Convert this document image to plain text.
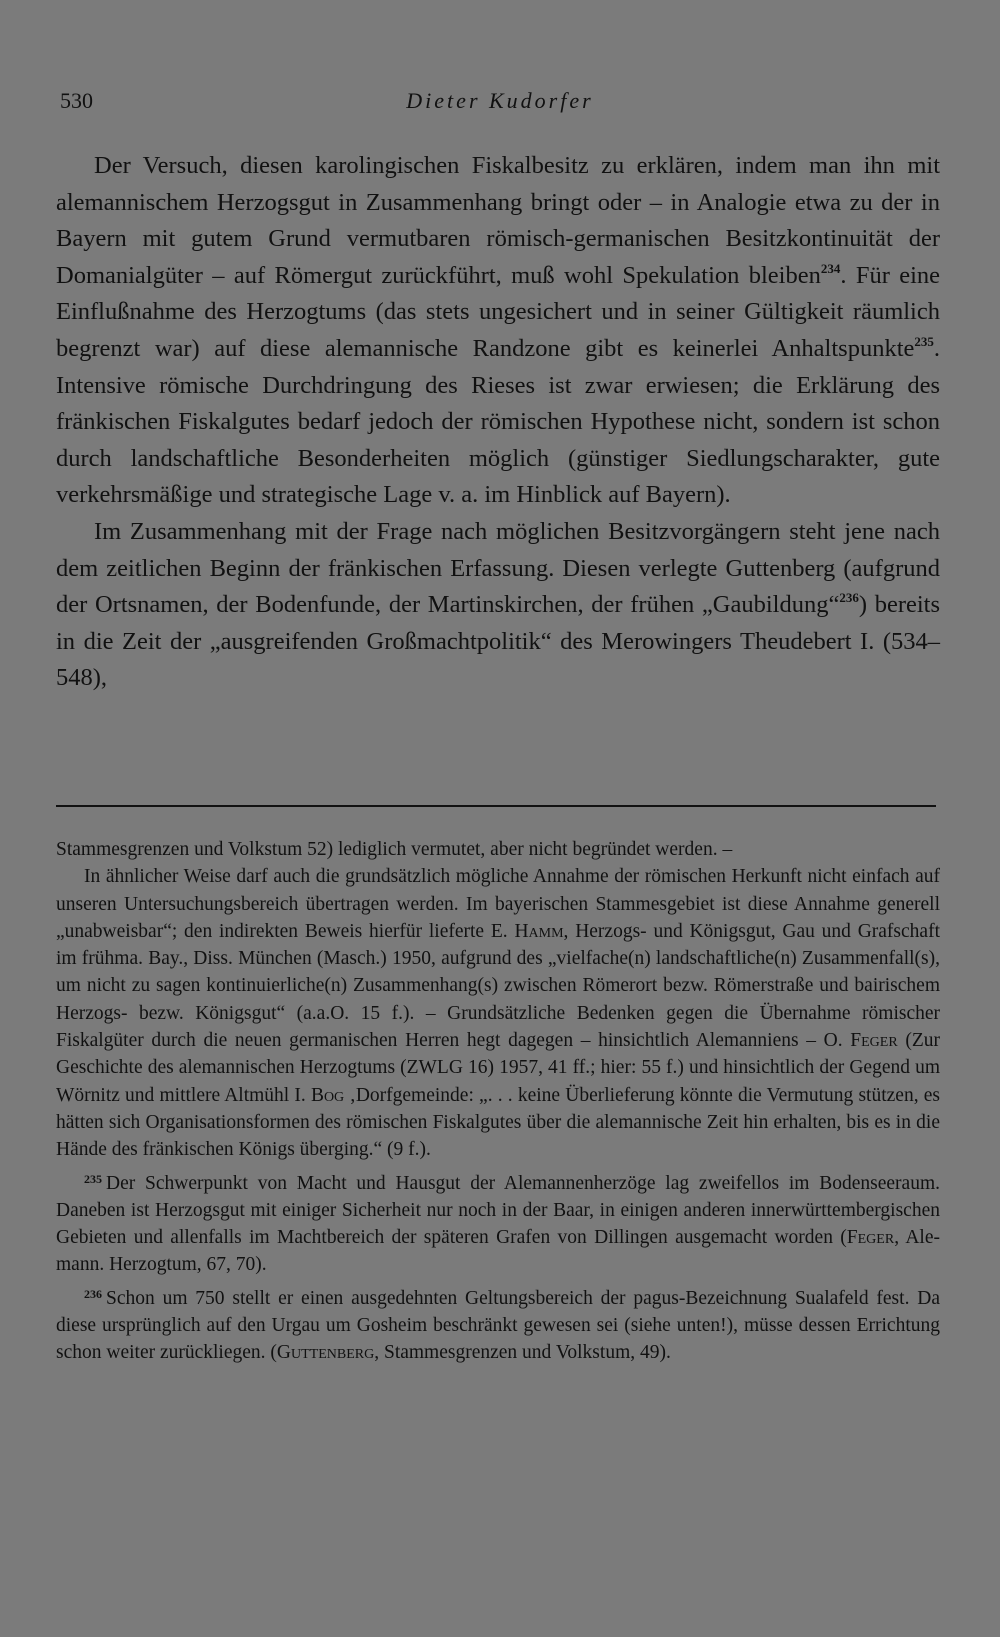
530	Dieter Kudorfer

Der Versuch, diesen karolingischen Fiskalbesitz zu erklären, indem man ihn mit alemannischem Herzogsgut in Zusammenhang bringt oder – in Analogie etwa zu der in Bayern mit gutem Grund vermutbaren römisch-germanischen Besitzkontinuität der Domanialgüter – auf Römergut zurückführt, muß wohl Spekulation bleiben$^{234}$. Für eine Einflußnahme des Herzogtums (das stets ungesichert und in seiner Gültigkeit räumlich begrenzt war) auf diese alemannische Randzone gibt es keinerlei Anhaltspunkte$^{235}$. Intensive römische Durchdringung des Rieses ist zwar erwiesen; die Erklärung des fränkischen Fiskalgutes bedarf jedoch der römischen Hypothese nicht, sondern ist schon durch landschaftliche Besonderheiten möglich (günstiger Siedlungscharakter, gute verkehrsmäßige und strategische Lage v. a. im Hinblick auf Bayern).

Im Zusammenhang mit der Frage nach möglichen Besitzvorgängern steht jene nach dem zeitlichen Beginn der fränkischen Erfassung. Diesen verlegte Guttenberg (aufgrund der Ortsnamen, der Bodenfunde, der Martinskirchen, der frühen „Gaubildung“$^{236}$) bereits in die Zeit der „ausgreifenden Großmachtpolitik“ des Merowingers Theudebert I. (534–548),

Stammesgrenzen und Volkstum 52) lediglich vermutet, aber nicht begründet werden. –

In ähnlicher Weise darf auch die grundsätzlich mögliche Annahme der römischen Herkunft nicht einfach auf unseren Untersuchungsbereich übertragen werden. Im bayerischen Stammesgebiet ist diese Annahme generell „unabweisbar“; den indirekten Beweis hierfür lieferte E. Hamm, Herzogs- und Königsgut, Gau und Grafschaft im frühma. Bay., Diss. München (Masch.) 1950, aufgrund des „vielfache(n) landschaftliche(n) Zusammenfall(s), um nicht zu sagen kontinuierliche(n) Zusammenhang(s) zwischen Römerort bezw. Römerstraße und bairischem Herzogs- bezw. Königsgut“ (a.a.O. 15 f.). – Grundsätzliche Bedenken gegen die Übernahme römischer Fiskalgüter durch die neuen germanischen Herren hegt dagegen – hinsichtlich Alemanniens – O. Feger (Zur Geschichte des alemannischen Herzogtums (ZWLG 16) 1957, 41 ff.; hier: 55 f.) und hinsichtlich der Gegend um Wörnitz und mittlere Altmühl I. Bog ‚Dorfgemeinde: „. . . keine Überlieferung könnte die Vermutung stützen, es hätten sich Organisationsformen des römischen Fiskalgutes über die alemannische Zeit hin erhalten, bis es in die Hände des fränkischen Königs überging.“ (9 f.).

$^{235}$ Der Schwerpunkt von Macht und Hausgut der Alemannenherzöge lag zweifellos im Bodenseeraum. Daneben ist Herzogsgut mit einiger Sicherheit nur noch in der Baar, in einigen anderen innerwürttembergischen Gebieten und allenfalls im Machtbereich der späteren Grafen von Dillingen ausgemacht worden (Feger, Alemann. Herzogtum, 67, 70).

$^{236}$ Schon um 750 stellt er einen ausgedehnten Geltungsbereich der pagus-Bezeichnung Sualafeld fest. Da diese ursprünglich auf den Urgau um Gosheim beschränkt gewesen sei (siehe unten!), müsse dessen Errichtung schon weiter zurückliegen. (Guttenberg, Stammesgrenzen und Volkstum, 49).
